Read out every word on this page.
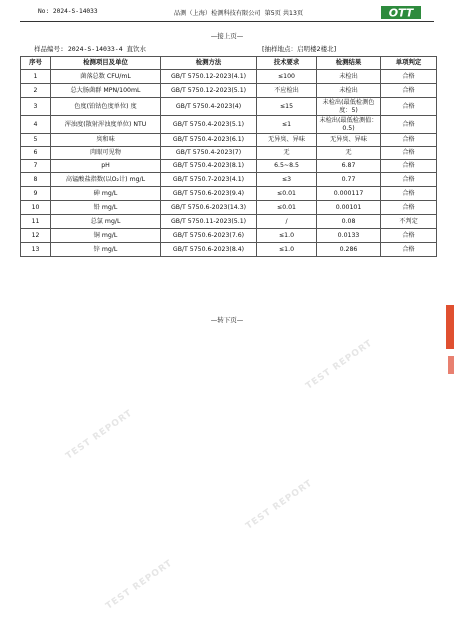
No: 2024-S-14033	品测（上海）检测科技有限公司 第5页 共13页	OTT
—接上页—
样品编号: 2024-S-14033-4 直饮水	[抽样地点：启明楼2楼北]
序号	检测项目及单位	检测方法	技术要求	检测结果	单项判定
1	菌落总数 CFU/mL	GB/T 5750.12-2023(4.1)	≤100	未检出	合格
2	总大肠菌群 MPN/100mL	GB/T 5750.12-2023(5.1)	不应检出	未检出	合格
3	色度(铂钴色度单位) 度	GB/T 5750.4-2023(4)	≤15	未检出(最低检测色度：5)	合格
4	浑浊度(散射浑浊度单位) NTU	GB/T 5750.4-2023(5.1)	≤1	未检出(最低检测值：0.5)	合格
5	臭和味	GB/T 5750.4-2023(6.1)	无异臭、异味	无异臭、异味	合格
6	肉眼可见物	GB/T 5750.4-2023(7)	无	无	合格
7	pH	GB/T 5750.4-2023(8.1)	6.5~8.5	6.87	合格
8	高锰酸盐指数(以O₂计) mg/L	GB/T 5750.7-2023(4.1)	≤3	0.77	合格
9	砷 mg/L	GB/T 5750.6-2023(9.4)	≤0.01	0.000117	合格
10	铅 mg/L	GB/T 5750.6-2023(14.3)	≤0.01	0.00101	合格
11	总氯 mg/L	GB/T 5750.11-2023(5.1)	/	0.08	不判定
12	铜 mg/L	GB/T 5750.6-2023(7.6)	≤1.0	0.0133	合格
13	锌 mg/L	GB/T 5750.6-2023(8.4)	≤1.0	0.286	合格
—转下页—
TEST REPORT
TEST REPORT
TEST REPORT
TEST REPORT
